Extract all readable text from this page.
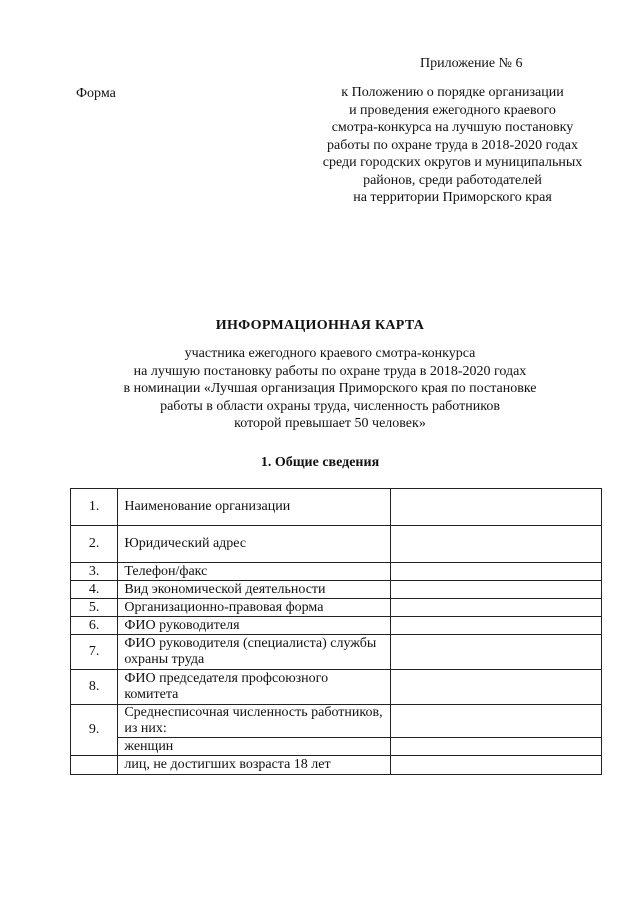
Приложение № 6
Форма	к Положению о порядке организации
и проведения ежегодного краевого
смотра-конкурса на лучшую постановку
работы по охране труда в 2018-2020 годах
среди городских округов и муниципальных
районов, среди работодателей
на территории Приморского края
ИНФОРМАЦИОННАЯ КАРТА
участника ежегодного краевого смотра-конкурса
на лучшую постановку работы по охране труда в 2018-2020 годах
в номинации «Лучшая организация Приморского края по постановке
работы в области охраны труда, численность работников
которой превышает 50 человек»
1. Общие сведения
1.	Наименование организации	
2.	Юридический адрес	
3.	Телефон/факс	
4.	Вид экономической деятельности	
5.	Организационно-правовая форма	
6.	ФИО руководителя	
7.	ФИО руководителя (специалиста) службы охраны труда	
8.	ФИО председателя профсоюзного комитета	
9.	Среднесписочная численность работников, из них:	
	женщин	
	лиц, не достигших возраста 18 лет	
